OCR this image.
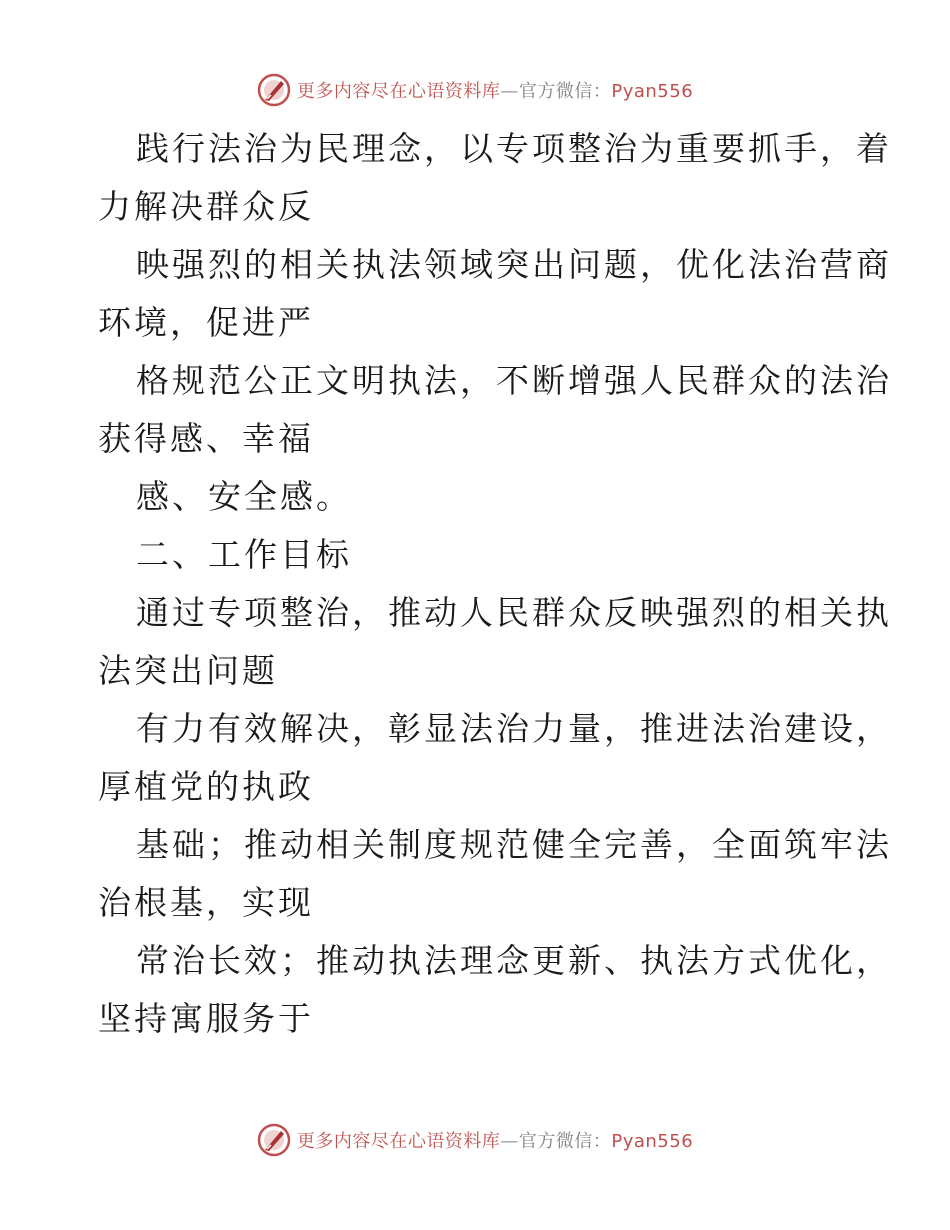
更多内容尽在心语资料库—官方微信：Pyan556
践行法治为民理念，以专项整治为重要抓手，着
力解决群众反
映强烈的相关执法领域突出问题，优化法治营商
环境，促进严
格规范公正文明执法，不断增强人民群众的法治
获得感、幸福
感、安全感。
二、工作目标
通过专项整治，推动人民群众反映强烈的相关执
法突出问题
有力有效解决，彰显法治力量，推进法治建设，
厚植党的执政
基础；推动相关制度规范健全完善，全面筑牢法
治根基，实现
常治长效；推动执法理念更新、执法方式优化，
坚持寓服务于
更多内容尽在心语资料库—官方微信：Pyan556
